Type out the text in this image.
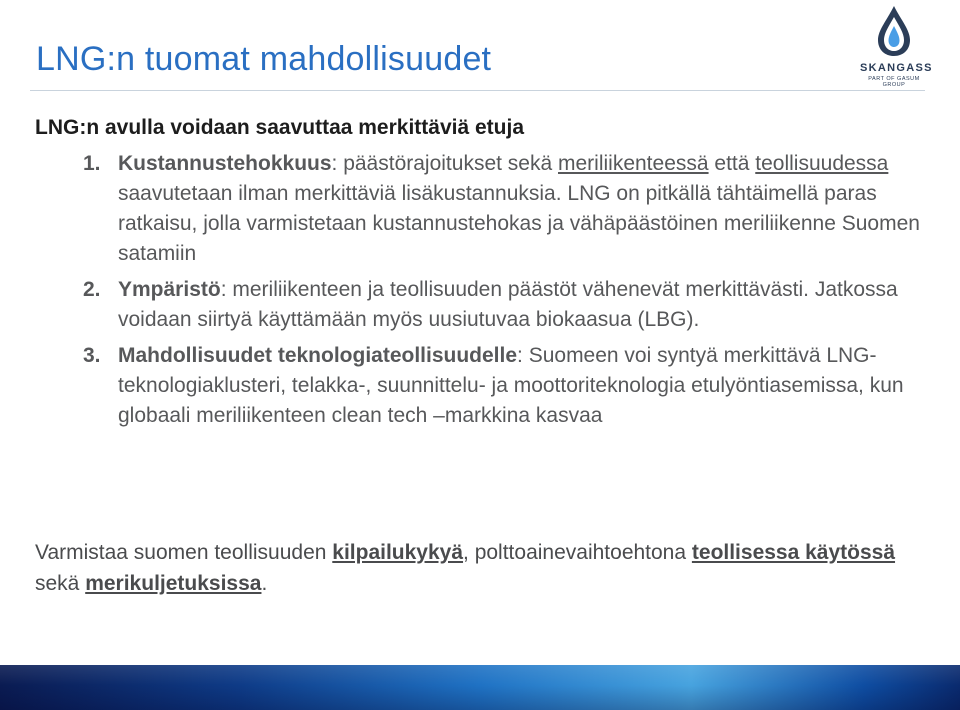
LNG:n tuomat mahdollisuudet	SKANGASS
PART OF GASUM GROUP
LNG:n avulla voidaan saavuttaa merkittäviä etuja
1. Kustannustehokkuus: päästörajoitukset sekä meriliikenteessä että teollisuudessa saavutetaan ilman merkittäviä lisäkustannuksia. LNG on pitkällä tähtäimellä paras ratkaisu, jolla varmistetaan kustannustehokas ja vähäpäästöinen meriliikenne Suomen satamiin
2. Ympäristö: meriliikenteen ja teollisuuden päästöt vähenevät merkittävästi. Jatkossa voidaan siirtyä käyttämään myös uusiutuvaa biokaasua (LBG).
3. Mahdollisuudet teknologiateollisuudelle: Suomeen voi syntyä merkittävä LNG-teknologiaklusteri, telakka-, suunnittelu- ja moottoriteknologia etulyöntiasemissa, kun globaali meriliikenteen clean tech –markkina kasvaa
Varmistaa suomen teollisuuden kilpailukykyä, polttoainevaihtoehtona teollisessa käytössä sekä merikuljetuksissa.
